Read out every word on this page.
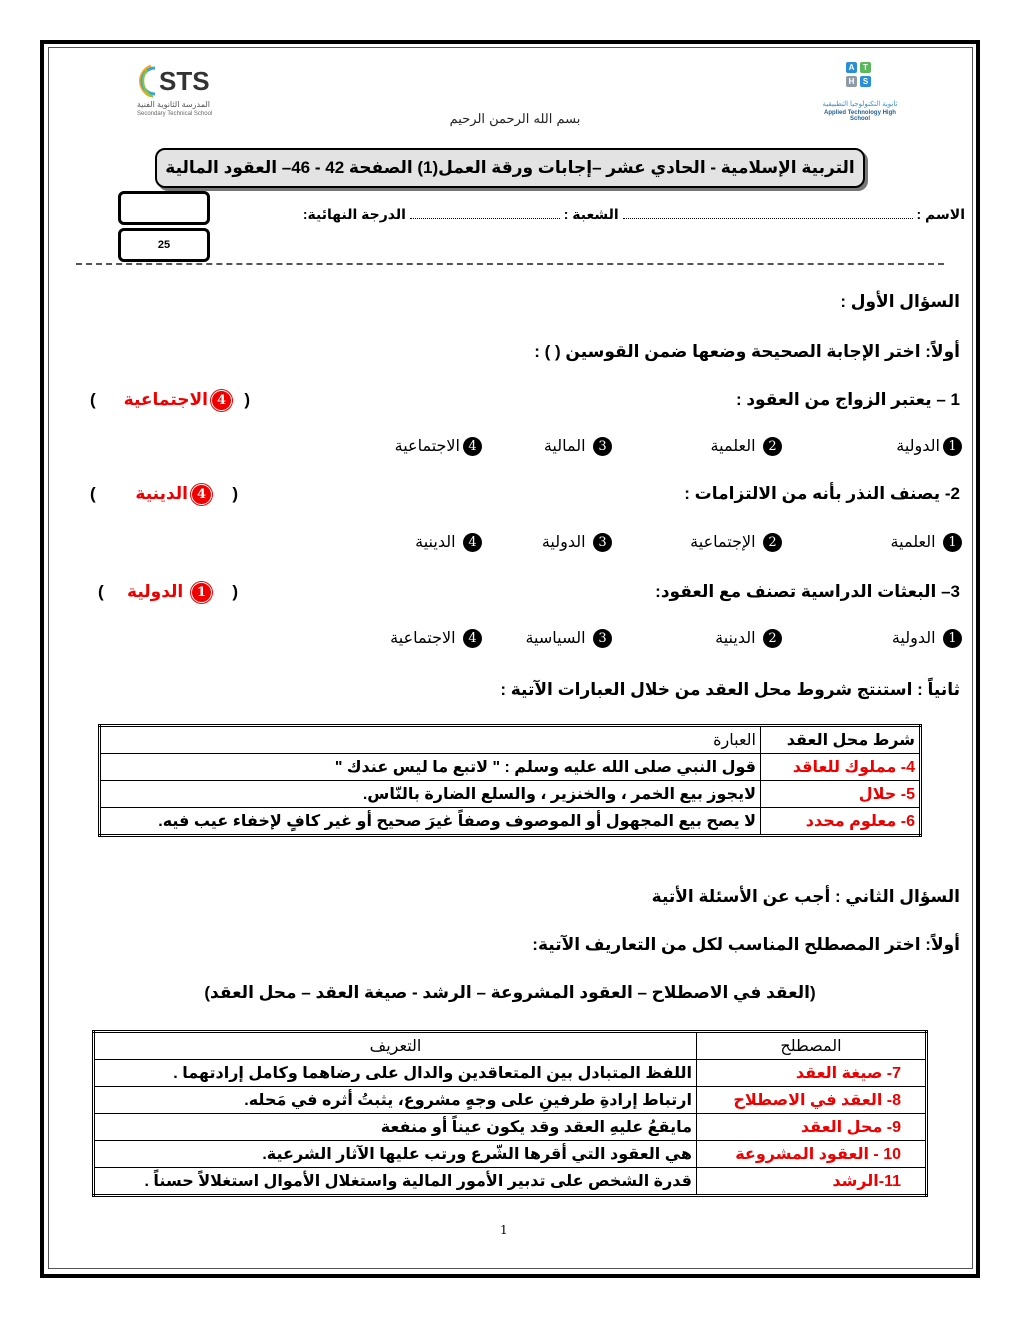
STS
المدرسة الثانوية الفنية
Secondary Technical School
A	T
H	S
ثانوية التكنولوجيا التطبيقية
Applied Technology High School
بسم الله الرحمن الرحيم
التربية الإسلامية - الحادي عشر –إجابات ورقة العمل(1) الصفحة 42 - 46– العقود المالية
25
الاسم :  الشعبة :  الدرجة النهائية:
السؤال الأول :
أولاً: اختر الإجابة الصحيحة وضعها ضمن القوسين ( ) :
1 – يعتبر الزواج من العقود :
(
4الاجتماعية
)
1الدولية
2 العلمية
3 المالية
4الاجتماعية
2- يصنف النذر بأنه من الالتزامات :
(
4الدينية
)
1 العلمية
2 الإجتماعية
3 الدولية
4 الدينية
3– البعثات الدراسية تصنف مع العقود:
(
1 الدولية
)
1 الدولية
2 الدينية
3 السياسية
4 الاجتماعية
ثانياً : استنتج شروط محل العقد من خلال العبارات الآتية :
شرط محل العقد	العبارة
4- مملوك للعاقد	قول النبي صلى الله عليه وسلم : " لاتبع ما ليس عندك "
5- حلال	لايجوز بيع الخمر ، والخنزير ، والسلع الضارة بالنّاس.
6- معلوم محدد	لا يصح بيع المجهول أو الموصوف وصفاً غيرَ صحيح أو غير كافٍ لإخفاء عيب فيه.
السؤال الثاني : أجب عن الأسئلة الأتية
أولاً: اختر المصطلح المناسب لكل من التعاريف الآتية:
(العقد في الاصطلاح – العقود المشروعة – الرشد - صيغة العقد – محل العقد)
المصطلح	التعريف
7- صيغة العقد	اللفظ المتبادل بين المتعاقدين والدال على رضاهما وكامل إرادتهما .
8- العقد في الاصطلاح	ارتباط إرادةِ طرفينِ على وجهٍ مشروع، يثبتُ أثره في مَحله.
9- محل العقد	مايقعُ عليهِ العقد وقد يكون عيناً أو منفعة
10 - العقود المشروعة	هي العقود التي أقرها الشّرع ورتب عليها الآثار الشرعية.
11-الرشد	قدرة الشخص على تدبير الأمور المالية واستغلال الأموال استغلالاً حسناً .
1
